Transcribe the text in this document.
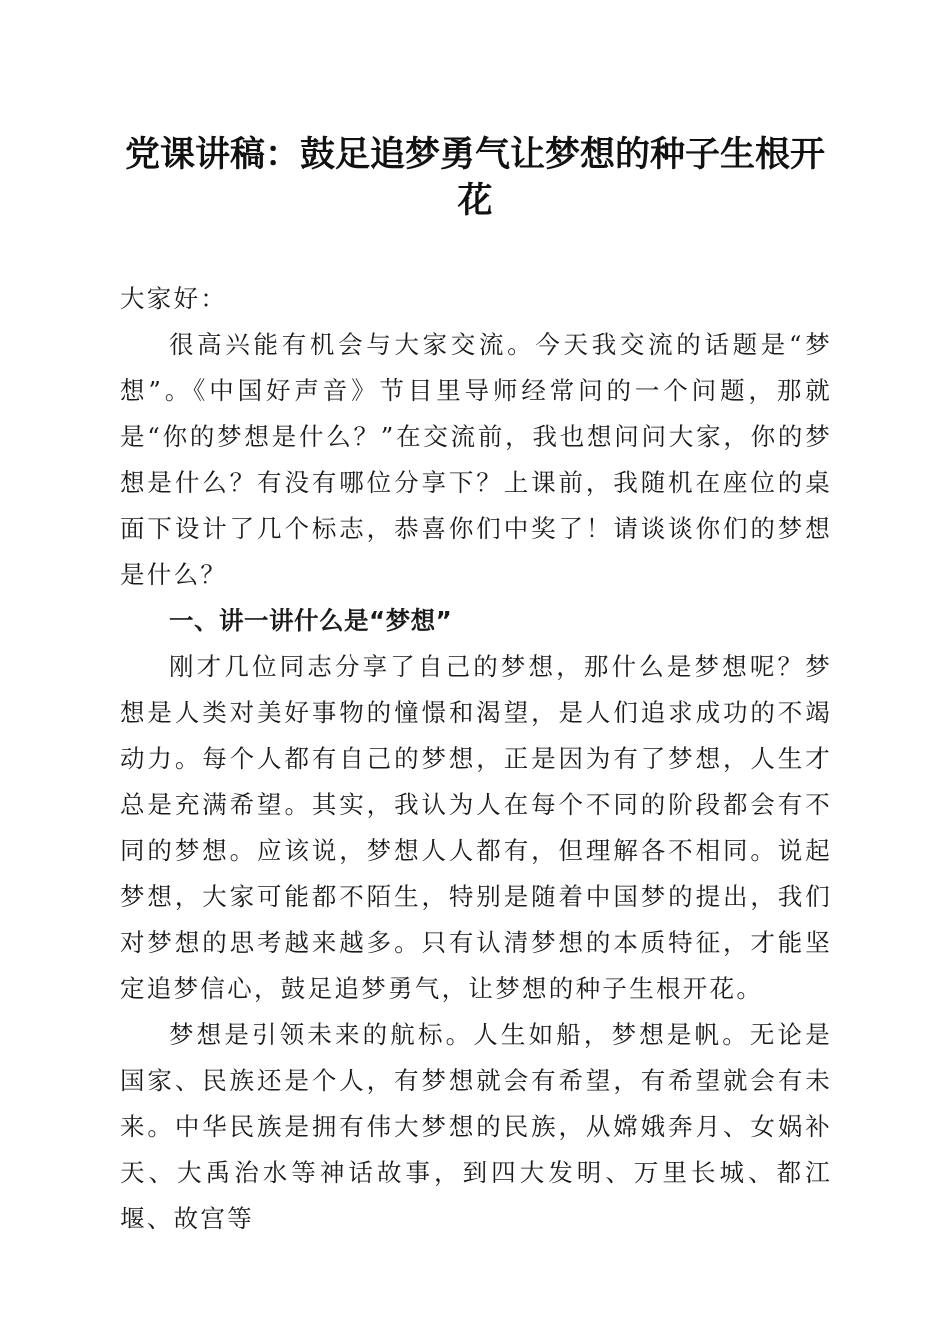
党课讲稿：鼓足追梦勇气让梦想的种子生根开花

大家好：

很高兴能有机会与大家交流。今天我交流的话题是“梦想”。《中国好声音》节目里导师经常问的一个问题，那就是“你的梦想是什么？”在交流前，我也想问问大家，你的梦想是什么？有没有哪位分享下？上课前，我随机在座位的桌面下设计了几个标志，恭喜你们中奖了！请谈谈你们的梦想是什么？

一、讲一讲什么是“梦想”

刚才几位同志分享了自己的梦想，那什么是梦想呢？梦想是人类对美好事物的憧憬和渴望，是人们追求成功的不竭动力。每个人都有自己的梦想，正是因为有了梦想，人生才总是充满希望。其实，我认为人在每个不同的阶段都会有不同的梦想。应该说，梦想人人都有，但理解各不相同。说起梦想，大家可能都不陌生，特别是随着中国梦的提出，我们对梦想的思考越来越多。只有认清梦想的本质特征，才能坚定追梦信心，鼓足追梦勇气，让梦想的种子生根开花。

梦想是引领未来的航标。人生如船，梦想是帆。无论是国家、民族还是个人，有梦想就会有希望，有希望就会有未来。中华民族是拥有伟大梦想的民族，从嫦娥奔月、女娲补天、大禹治水等神话故事，到四大发明、万里长城、都江堰、故宫等
